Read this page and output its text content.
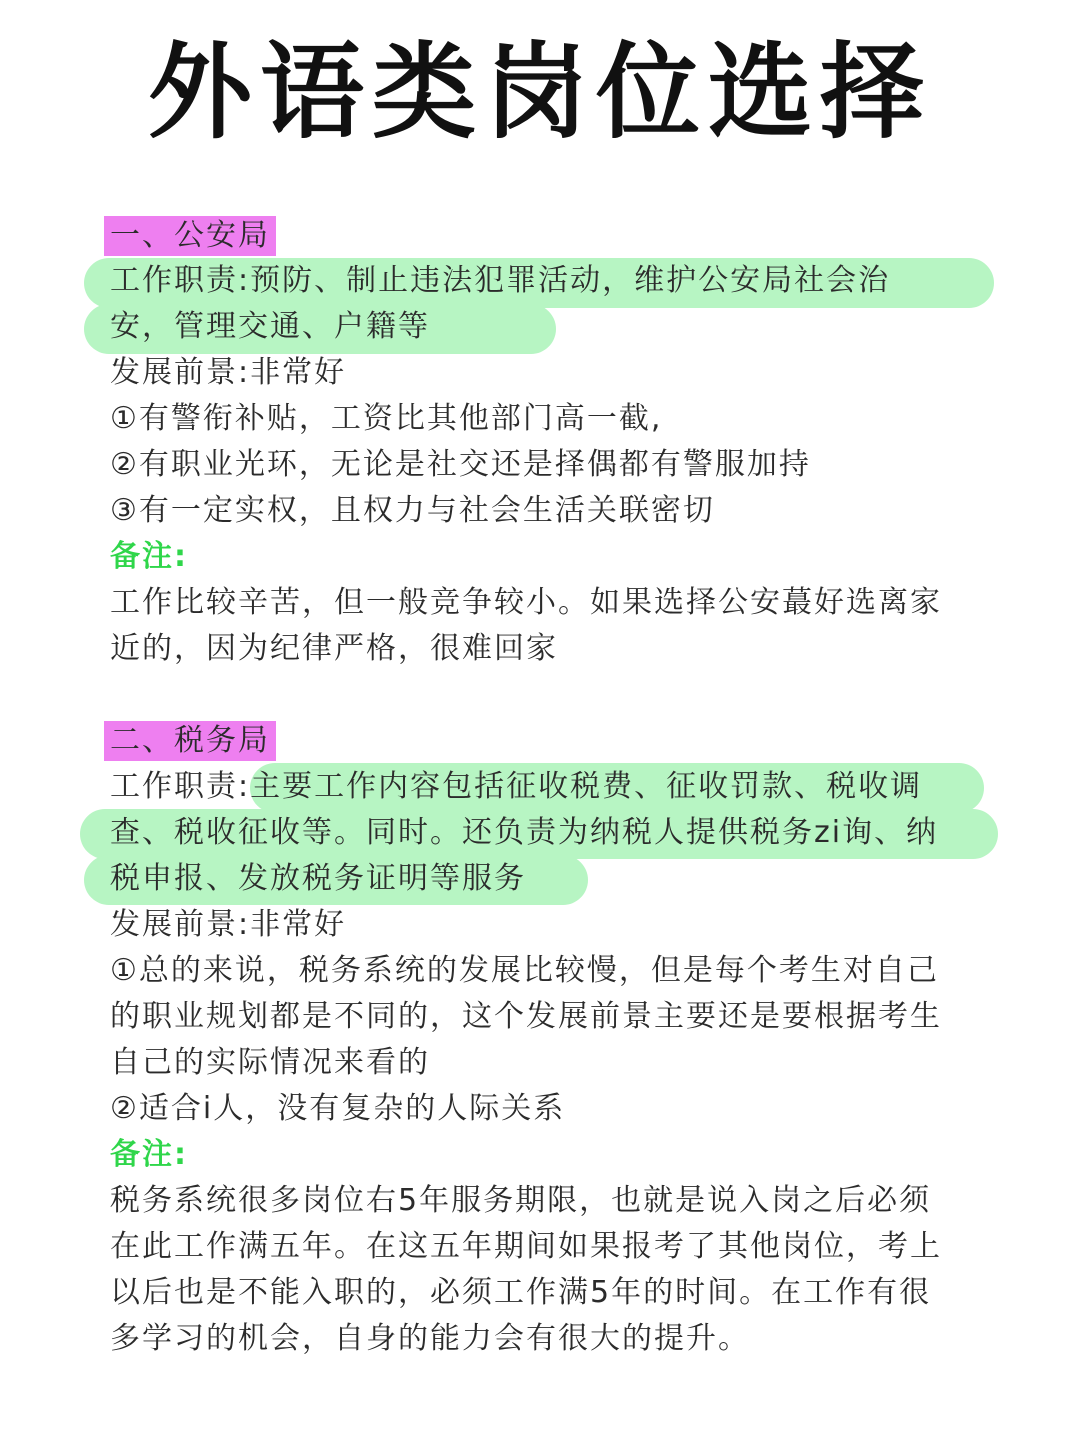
外语类岗位选择
一、公安局

工作职责:预防、制止违法犯罪活动，维护公安局社会治

安，管理交通、户籍等

发展前景:非常好

①有警衔补贴，工资比其他部门高一截,

②有职业光环，无论是社交还是择偶都有警服加持

③有一定实权，且权力与社会生活关联密切

备注:

工作比较辛苦，但一般竞争较小。如果选择公安蕞好选离家

近的，因为纪律严格，很难回家

二、税务局

工作职责:主要工作内容包括征收税费、征收罚款、税收调

查、税收征收等。同时。还负责为纳税人提供税务zi询、纳

税申报、发放税务证明等服务

发展前景:非常好

①总的来说，税务系统的发展比较慢，但是每个考生对自己

的职业规划都是不同的，这个发展前景主要还是要根据考生

自己的实际情况来看的

②适合i人，没有复杂的人际关系

备注:

税务系统很多岗位右5年服务期限，也就是说入岗之后必须

在此工作满五年。在这五年期间如果报考了其他岗位，考上

以后也是不能入职的，必须工作满5年的时间。在工作有很

多学习的机会，自身的能力会有很大的提升。
